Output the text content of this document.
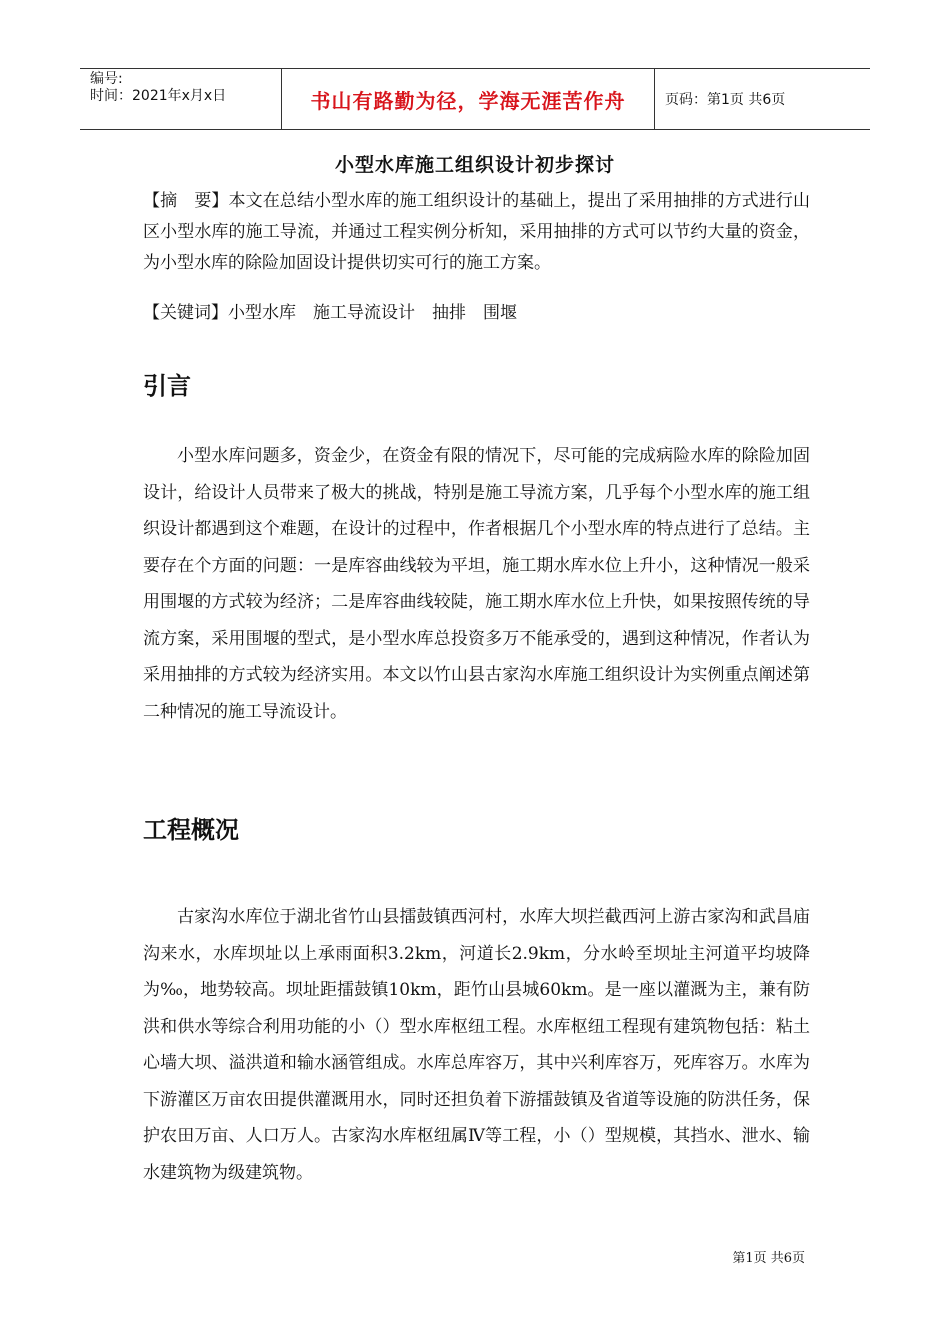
编号:
时间：2021年x月x日	书山有路勤为径，学海无涯苦作舟	页码：第1页 共6页
小型水库施工组织设计初步探讨
【摘　要】本文在总结小型水库的施工组织设计的基础上，提出了采用抽排的方式进行山区小型水库的施工导流，并通过工程实例分析知，采用抽排的方式可以节约大量的资金，为小型水库的除险加固设计提供切实可行的施工方案。
【关键词】小型水库　施工导流设计　抽排　围堰
引言
小型水库问题多，资金少，在资金有限的情况下，尽可能的完成病险水库的除险加固设计，给设计人员带来了极大的挑战，特别是施工导流方案，几乎每个小型水库的施工组织设计都遇到这个难题，在设计的过程中，作者根据几个小型水库的特点进行了总结。主要存在个方面的问题：一是库容曲线较为平坦，施工期水库水位上升小，这种情况一般采用围堰的方式较为经济；二是库容曲线较陡，施工期水库水位上升快，如果按照传统的导流方案，采用围堰的型式，是小型水库总投资多万不能承受的，遇到这种情况，作者认为采用抽排的方式较为经济实用。本文以竹山县古家沟水库施工组织设计为实例重点阐述第二种情况的施工导流设计。
工程概况
古家沟水库位于湖北省竹山县擂鼓镇西河村，水库大坝拦截西河上游古家沟和武昌庙沟来水，水库坝址以上承雨面积3.2km，河道长2.9km，分水岭至坝址主河道平均坡降为‰，地势较高。坝址距擂鼓镇10km，距竹山县城60km。是一座以灌溉为主，兼有防洪和供水等综合利用功能的小（）型水库枢纽工程。水库枢纽工程现有建筑物包括：粘土心墙大坝、溢洪道和输水涵管组成。水库总库容万，其中兴利库容万，死库容万。水库为下游灌区万亩农田提供灌溉用水，同时还担负着下游擂鼓镇及省道等设施的防洪任务，保护农田万亩、人口万人。古家沟水库枢纽属Ⅳ等工程，小（）型规模，其挡水、泄水、输水建筑物为级建筑物。
第1页 共6页
